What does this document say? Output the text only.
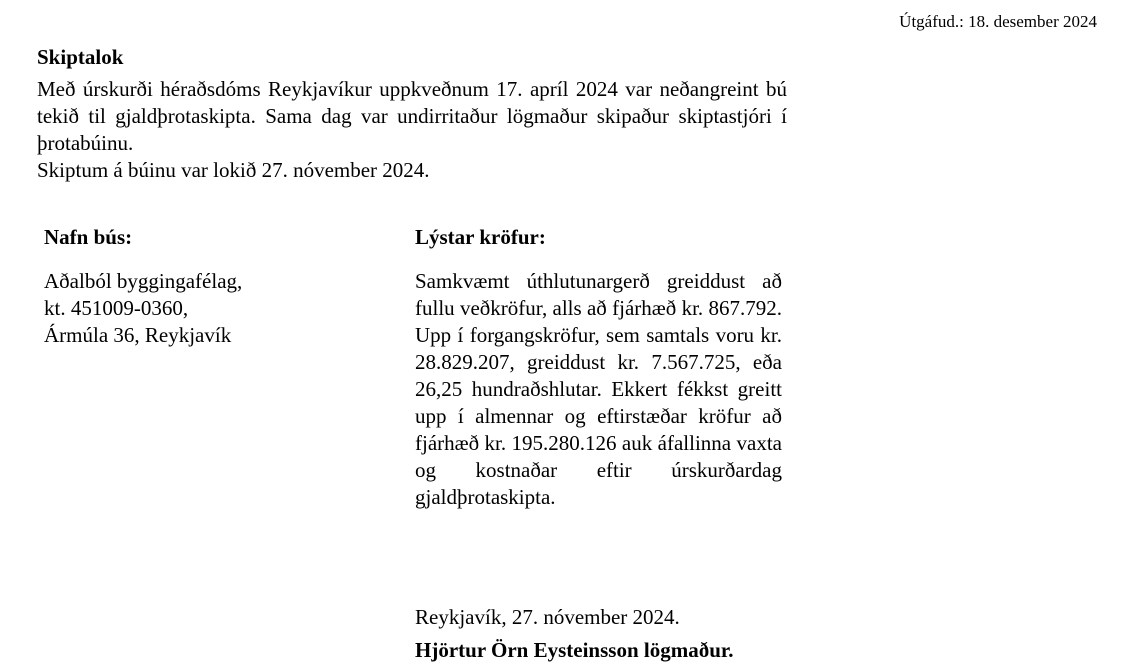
Útgáfud.: 18. desember 2024
Skiptalok

Með úrskurði héraðsdóms Reykjavíkur uppkveðnum 17. apríl 2024 var neðangreint bú tekið til gjaldþrotaskipta. Sama dag var undirritaður lögmaður skipaður skiptastjóri í þrotabúinu.

Skiptum á búinu var lokið 27. nóvember 2024.

Nafn bús:
Aðalból byggingafélag,
kt. 451009-0360,
Ármúla 36, Reykjavík
Lýstar kröfur:

Samkvæmt úthlutunargerð greiddust að fullu veðkröfur, alls að fjárhæð kr. 867.792. Upp í forgangskröfur, sem samtals voru kr. 28.829.207, greiddust kr. 7.567.725, eða 26,25 hundraðshlutar. Ekkert fékkst greitt upp í almennar og eftirstæðar kröfur að fjárhæð kr. 195.280.126 auk áfallinna vaxta og kostnaðar eftir úrskurðardag gjaldþrotaskipta.

Reykjavík, 27. nóvember 2024.
Hjörtur Örn Eysteinsson lögmaður.
